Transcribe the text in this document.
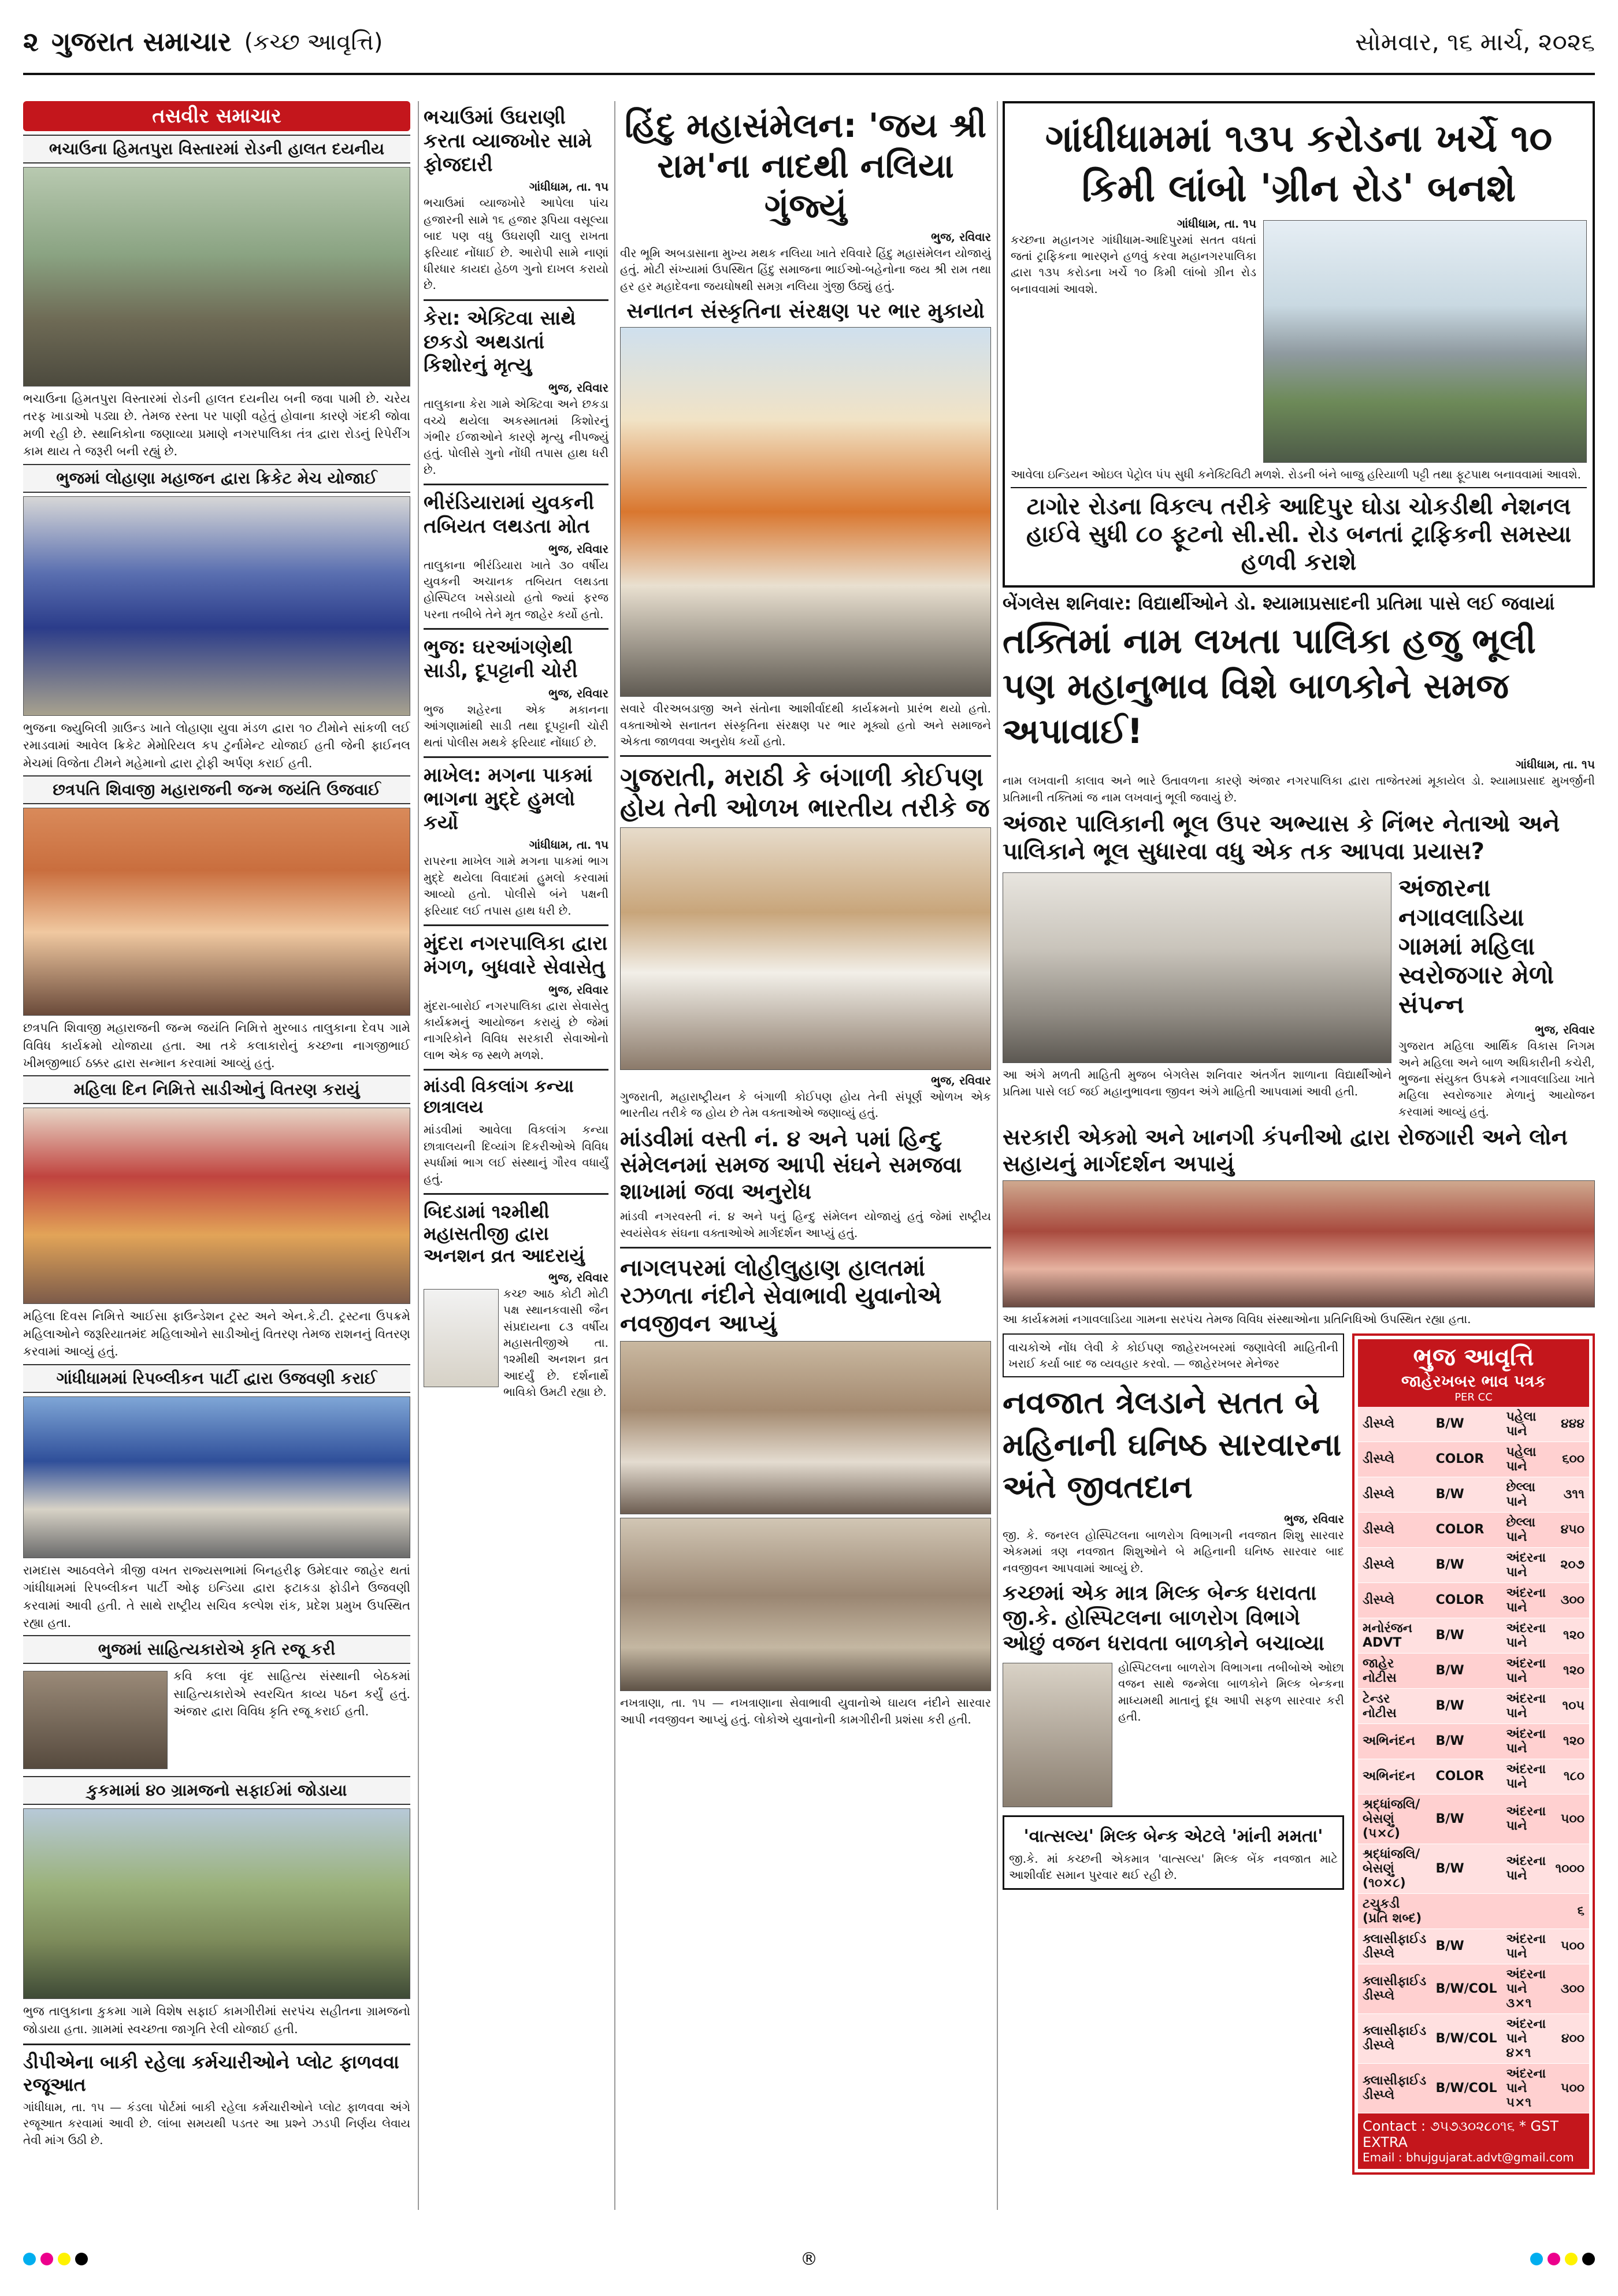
૨ ગુજરાત સમાચાર (કચ્છ આવૃત્તિ)	સોમવાર, ૧૬ માર્ચ, ૨૦૨૬
તસવીર સમાચાર
ભચાઉના હિમતપુરા વિસ્તારમાં રોડની હાલત દયનીય
ભચાઉના હિમતપુરા વિસ્તારમાં રોડની હાલત દયનીય બની જવા પામી છે. ચરેય તરફ ખાડાઓ પડ્યા છે. તેમજ રસ્તા પર પાણી વહેતું હોવાના કારણે ગંદકી જોવા મળી રહી છે. સ્થાનિકોના જણાવ્યા પ્રમાણે નગરપાલિકા તંત્ર દ્વારા રોડનું રિપેરીંગ કામ થાય તે જરૂરી બની રહ્યું છે.
ભુજમાં લોહાણા મહાજન દ્વારા ક્રિકેટ મેચ યોજાઈ
ભુજના જ્યુબિલી ગ્રાઉન્ડ ખાતે લોહાણા યુવા મંડળ દ્વારા ૧૦ ટીમોને સાંકળી લઈ રમાડવામાં આવેલ ક્રિકેટ મેમોરિયલ કપ ટુર્નામેન્ટ યોજાઈ હતી જેની ફાઈનલ મેચમાં વિજેતા ટીમને મહેમાનો દ્વારા ટ્રોફી અર્પણ કરાઈ હતી.
છત્રપતિ શિવાજી મહારાજની જન્મ જયંતિ ઉજવાઈ
છત્રપતિ શિવાજી મહારાજની જન્મ જયંતિ નિમિત્તે મુરબાડ તાલુકાના દેવપ ગામે વિવિધ કાર્યક્રમો યોજાયા હતા. આ તકે કલાકારોનું કચ્છના નાગજીભાઈ ખીમજીભાઈ ઠક્કર દ્વારા સન્માન કરવામાં આવ્યું હતું.
મહિલા દિન નિમિત્તે સાડીઓનું વિતરણ કરાયું
મહિલા દિવસ નિમિત્તે આઈસા ફાઉન્ડેશન ટ્રસ્ટ અને એન.કે.ટી. ટ્રસ્ટના ઉપક્રમે મહિલાઓને જરૂરિયાતમંદ મહિલાઓને સાડીઓનું વિતરણ તેમજ રાશનનું વિતરણ કરવામાં આવ્યું હતું.
ગાંધીધામમાં રિપબ્લીકન પાર્ટી દ્વારા ઉજવણી કરાઈ
રામદાસ આઠવલેને ત્રીજી વખત રાજ્યસભામાં બિનહરીફ ઉમેદવાર જાહેર થતાં ગાંધીધામમાં રિપબ્લીકન પાર્ટી ઓફ ઇન્ડિયા દ્વારા ફટાકડા ફોડીને ઉજવણી કરવામાં આવી હતી. તે સાથે રાષ્ટ્રીય સચિવ કલ્પેશ રાંક, પ્રદેશ પ્રમુખ ઉપસ્થિત રહ્યા હતા.
ભુજમાં સાહિત્યકારોએ કૃતિ રજૂ કરી
કવિ કલા વૃંદ સાહિત્ય સંસ્થાની બેઠકમાં સાહિત્યકારોએ સ્વરચિત કાવ્ય પઠન કર્યું હતું. અંજાર દ્વારા વિવિધ કૃતિ રજૂ કરાઈ હતી.
કુકમામાં ૪૦ ગ્રામજનો સફાઈમાં જોડાયા
ભુજ તાલુકાના કુકમા ગામે વિશેષ સફાઈ કામગીરીમાં સરપંચ સહીતના ગ્રામજનો જોડાયા હતા. ગ્રામમાં સ્વચ્છતા જાગૃતિ રેલી યોજાઈ હતી.
ડીપીએના બાકી રહેલા કર્મચારીઓને પ્લોટ ફાળવવા રજૂઆત
ગાંધીધામ, તા. ૧૫ — કંડલા પોર્ટમાં બાકી રહેલા કર્મચારીઓને પ્લોટ ફાળવવા અંગે રજૂઆત કરવામાં આવી છે. લાંબા સમયથી પડતર આ પ્રશ્ને ઝડપી નિર્ણય લેવાય તેવી માંગ ઉઠી છે.
ભચાઉમાં ઉઘરાણી કરતા વ્યાજખોર સામે ફોજદારી
ગાંધીધામ, તા. ૧૫
ભચાઉમાં વ્યાજખોરે આપેલા પાંચ હજારની સામે ૧૬ હજાર રૂપિયા વસૂલ્યા બાદ પણ વધુ ઉઘરાણી ચાલુ રાખતા ફરિયાદ નોંધાઈ છે. આરોપી સામે નાણાં ધીરધાર કાયદા હેઠળ ગુનો દાખલ કરાયો છે.
કેરા: એક્ટિવા સાથે છકડો અથડાતાં કિશોરનું મૃત્યુ
ભુજ, રવિવાર
તાલુકાના કેરા ગામે એક્ટિવા અને છકડા વચ્ચે થયેલા અકસ્માતમાં કિશોરનું ગંભીર ઈજાઓને કારણે મૃત્યુ નીપજ્યું હતું. પોલીસે ગુનો નોંધી તપાસ હાથ ધરી છે.
ભીરંડિયારામાં યુવકની તબિયત લથડતા મોત
ભુજ, રવિવાર
તાલુકાના ભીરંડિયારા ખાતે ૩૦ વર્ષીય યુવકની અચાનક તબિયત લથડતા હોસ્પિટલ ખસેડાયો હતો જ્યાં ફરજ પરના તબીબે તેને મૃત જાહેર કર્યો હતો.
ભુજ: ઘરઆંગણેથી સાડી, દૂપટ્ટાની ચોરી
ભુજ, રવિવાર
ભુજ શહેરના એક મકાનના આંગણામાંથી સાડી તથા દૂપટ્ટાની ચોરી થતાં પોલીસ મથકે ફરિયાદ નોંધાઈ છે.
માખેલ: મગના પાકમાં ભાગના મુદ્દે હુમલો કર્યો
ગાંધીધામ, તા. ૧૫
રાપરના માખેલ ગામે મગના પાકમાં ભાગ મુદ્દે થયેલા વિવાદમાં હુમલો કરવામાં આવ્યો હતો. પોલીસે બંને પક્ષની ફરિયાદ લઈ તપાસ હાથ ધરી છે.
મુંદરા નગરપાલિકા દ્વારા મંગળ, બુધવારે સેવાસેતુ
ભુજ, રવિવાર
મુંદરા-બારોઈ નગરપાલિકા દ્વારા સેવાસેતુ કાર્યક્રમનું આયોજન કરાયું છે જેમાં નાગરિકોને વિવિધ સરકારી સેવાઓનો લાભ એક જ સ્થળે મળશે.
માંડવી વિકલાંગ કન્યા છાત્રાલય
માંડવીમાં આવેલા વિકલાંગ કન્યા છાત્રાલયની દિવ્યાંગ દિકરીઓએ વિવિધ સ્પર્ધામાં ભાગ લઈ સંસ્થાનું ગૌરવ વધાર્યું હતું.
બિદડામાં ૧૨મીથી મહાસતીજી દ્વારા અનશન વ્રત આદરાયું
ભુજ, રવિવાર
કચ્છ આઠ કોટી મોટી પક્ષ સ્થાનકવાસી જૈન સંપ્રદાયના ૮૩ વર્ષીય મહાસતીજીએ તા. ૧૨મીથી અનશન વ્રત આદર્યું છે. દર્શનાર્થે ભાવિકો ઉમટી રહ્યા છે.
હિંદુ મહાસંમેલન: 'જય શ્રી રામ'ના નાદથી નલિયા ગુંજ્યું
ભુજ, રવિવાર
વીર ભૂમિ અબડાસાના મુખ્ય મથક નલિયા ખાતે રવિવારે હિંદુ મહાસંમેલન યોજાયું હતું. મોટી સંખ્યામાં ઉપસ્થિત હિંદુ સમાજના ભાઈઓ-બહેનોના જય શ્રી રામ તથા હર હર મહાદેવના જયઘોષથી સમગ્ર નલિયા ગુંજી ઉઠ્યું હતું.
સનાતન સંસ્કૃતિના સંરક્ષણ પર ભાર મુકાયો
સવારે વીરઅબડાજી અને સંતોના આશીર્વાદથી કાર્યક્રમનો પ્રારંભ થયો હતો. વક્તાઓએ સનાતન સંસ્કૃતિના સંરક્ષણ પર ભાર મૂક્યો હતો અને સમાજને એકતા જાળવવા અનુરોધ કર્યો હતો.
ગુજરાતી, મરાઠી કે બંગાળી કોઈપણ હોય તેની ઓળખ ભારતીય તરીકે જ
ભુજ, રવિવાર
ગુજરાતી, મહારાષ્ટ્રીયન કે બંગાળી કોઈપણ હોય તેની સંપૂર્ણ ઓળખ એક ભારતીય તરીકે જ હોય છે તેમ વક્તાઓએ જણાવ્યું હતું.
માંડવીમાં વસ્તી નં. ૪ અને ૫માં હિન્દુ સંમેલનમાં સમજ આપી સંઘને સમજવા શાખામાં જવા અનુરોધ
માંડવી નગરવસ્તી નં. ૪ અને ૫નું હિન્દુ સંમેલન યોજાયું હતું જેમાં રાષ્ટ્રીય સ્વયંસેવક સંઘના વક્તાઓએ માર્ગદર્શન આપ્યું હતું.
નાગલપરમાં લોહીલુહાણ હાલતમાં રઝળતા નંદીને સેવાભાવી યુવાનોએ નવજીવન આપ્યું
નખત્રાણા, તા. ૧૫ — નખત્રાણાના સેવાભાવી યુવાનોએ ઘાયલ નંદીને સારવાર આપી નવજીવન આપ્યું હતું. લોકોએ યુવાનોની કામગીરીની પ્રશંસા કરી હતી.
ગાંધીધામમાં ૧૩૫ કરોડના ખર્ચે ૧૦ કિમી લાંબો 'ગ્રીન રોડ' બનશે
ગાંધીધામ, તા. ૧૫
કચ્છના મહાનગર ગાંધીધામ-આદિપુરમાં સતત વધતાં જતાં ટ્રાફિકના ભારણને હળવું કરવા મહાનગરપાલિકા દ્વારા ૧૩૫ કરોડના ખર્ચે ૧૦ કિમી લાંબો ગ્રીન રોડ બનાવવામાં આવશે.
આવેલા ઇન્ડિયન ઓઇલ પેટ્રોલ પંપ સુધી કનેક્ટિવિટી મળશે. રોડની બંને બાજુ હરિયાળી પટ્ટી તથા ફૂટપાથ બનાવવામાં આવશે.
ટાગોર રોડના વિકલ્પ તરીકે આદિપુર ઘોડા ચોકડીથી નેશનલ હાઈવે સુધી ૮૦ ફૂટનો સી.સી. રોડ બનતાં ટ્રાફિકની સમસ્યા હળવી કરાશે
બેંગલેસ શનિવાર: વિદ્યાર્થીઓને ડો. શ્યામાપ્રસાદની પ્રતિમા પાસે લઈ જવાયાં
તક્તિમાં નામ લખતા પાલિકા હજુ ભૂલી પણ મહાનુભાવ વિશે બાળકોને સમજ અપાવાઈ!
ગાંધીધામ, તા. ૧૫
નામ લખવાની કાલાવ અને ભારે ઉતાવળના કારણે અંજાર નગરપાલિકા દ્વારા તાજેતરમાં મૂકાયેલ ડો. શ્યામાપ્રસાદ મુખર્જીની પ્રતિમાની તક્તિમાં જ નામ લખવાનું ભૂલી જવાયું છે.
અંજાર પાલિકાની ભૂલ ઉપર અભ્યાસ કે નિંભર નેતાઓ અને પાલિકાને ભૂલ સુધારવા વધુ એક તક આપવા પ્રયાસ?
આ અંગે મળતી માહિતી મુજબ બેગલેસ શનિવાર અંતર્ગત શાળાના વિદ્યાર્થીઓને પ્રતિમા પાસે લઈ જઈ મહાનુભાવના જીવન અંગે માહિતી આપવામાં આવી હતી.
અંજારના નગાવલાડિયા ગામમાં મહિલા સ્વરોજગાર મેળો સંપન્ન
ભુજ, રવિવાર
ગુજરાત મહિલા આર્થિક વિકાસ નિગમ અને મહિલા અને બાળ અધિકારીની કચેરી, ભુજના સંયુક્ત ઉપક્રમે નગાવલાડિયા ખાતે મહિલા સ્વરોજગાર મેળાનું આયોજન કરવામાં આવ્યું હતું.
સરકારી એકમો અને ખાનગી કંપનીઓ દ્વારા રોજગારી અને લોન સહાયનું માર્ગદર્શન અપાયું
આ કાર્યક્રમમાં નગાવલાડિયા ગામના સરપંચ તેમજ વિવિધ સંસ્થાઓના પ્રતિનિધિઓ ઉપસ્થિત રહ્યા હતા.
વાચકોએ નોંધ લેવી કે કોઈપણ જાહેરખબરમાં જણાવેલી માહિતીની ખરાઈ કર્યા બાદ જ વ્યવહાર કરવો. — જાહેરખબર મેનેજર
નવજાત ત્રેલડાને સતત બે મહિનાની ઘનિષ્ઠ સારવારના અંતે જીવતદાન
ભુજ, રવિવાર
જી. કે. જનરલ હોસ્પિટલના બાળરોગ વિભાગની નવજાત શિશુ સારવાર એકમમાં ત્રણ નવજાત શિશુઓને બે મહિનાની ઘનિષ્ઠ સારવાર બાદ નવજીવન આપવામાં આવ્યું છે.
કચ્છમાં એક માત્ર મિલ્ક બેન્ક ધરાવતા જી.કે. હોસ્પિટલના બાળરોગ વિભાગે ઓછું વજન ધરાવતા બાળકોને બચાવ્યા
હોસ્પિટલના બાળરોગ વિભાગના તબીબોએ ઓછા વજન સાથે જન્મેલા બાળકોને મિલ્ક બેન્કના માધ્યમથી માતાનું દૂધ આપી સફળ સારવાર કરી હતી.
'વાત્સલ્ય' મિલ્ક બેન્ક એટલે 'માંની મમતા'
જી.કે. માં કચ્છની એકમાત્ર 'વાત્સલ્ય' મિલ્ક બેંક નવજાત માટે આશીર્વાદ સમાન પુરવાર થઈ રહી છે.
ભુજ આવૃત્તિ
જાહેરખબર ભાવ પત્રક
PER CC
ડીસ્પ્લે	B/W	પહેલા પાને	૪૪૪
ડીસ્પ્લે	COLOR	પહેલા પાને	૬૦૦
ડીસ્પ્લે	B/W	છેલ્લા પાને	૩૧૧
ડીસ્પ્લે	COLOR	છેલ્લા પાને	૪૫૦
ડીસ્પ્લે	B/W	અંદરના પાને	૨૦૭
ડીસ્પ્લે	COLOR	અંદરના પાને	૩૦૦
મનોરંજન ADVT	B/W	અંદરના પાને	૧૨૦
જાહેર નોટીસ	B/W	અંદરના પાને	૧૨૦
ટેન્ડર નોટીસ	B/W	અંદરના પાને	૧૦૫
અભિનંદન	B/W	અંદરના પાને	૧૨૦
અભિનંદન	COLOR	અંદરના પાને	૧૮૦
શ્રદ્ધાંજલિ/બેસણું (પ×૮)	B/W	અંદરના પાને	૫૦૦
શ્રદ્ધાંજલિ/બેસણું (૧૦×૮)	B/W	અંદરના પાને	૧૦૦૦
ટચુકડી (પ્રતિ શબ્દ)			૬
ક્લાસીફાઈડ ડીસ્પ્લે	B/W	અંદરના પાને	૫૦૦
ક્લાસીફાઈડ ડીસ્પ્લે	B/W/COL	અંદરના પાને ૩×૧	૩૦૦
ક્લાસીફાઈડ ડીસ્પ્લે	B/W/COL	અંદરના પાને ૪×૧	૪૦૦
ક્લાસીફાઈડ ડીસ્પ્લે	B/W/COL	અંદરના પાને ૫×૧	૫૦૦
Contact : ૭૫૭૩૦૨૮૦૧૬ * GST EXTRA
Email : bhujgujarat.advt@gmail.com
®
